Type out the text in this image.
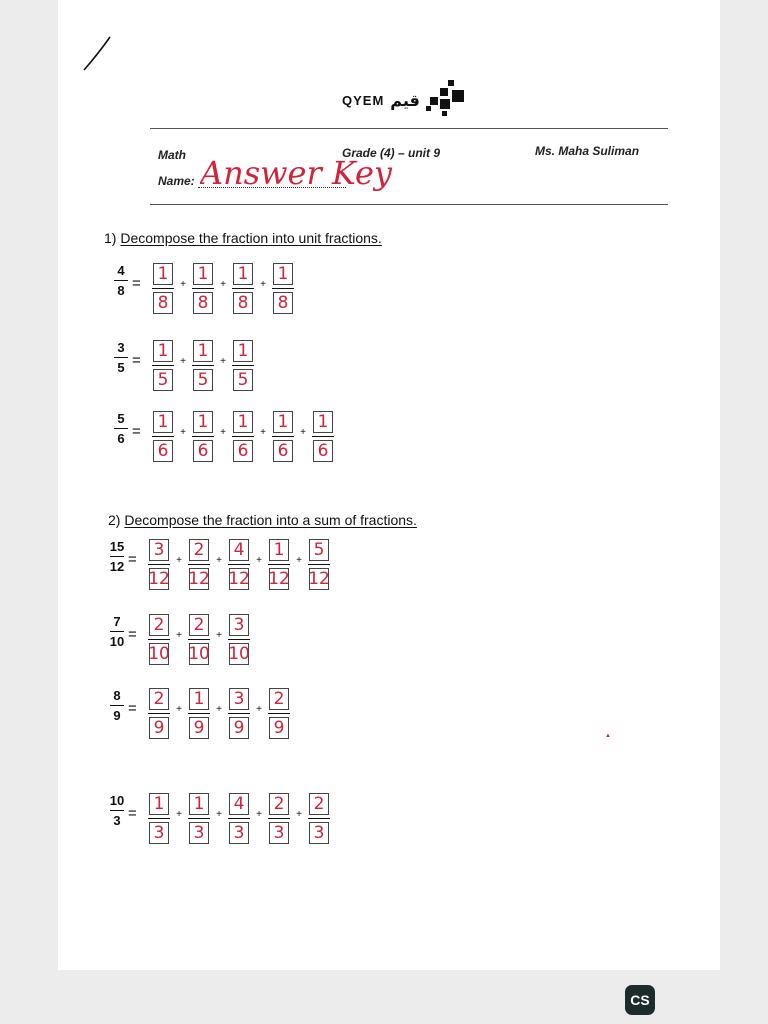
QYEM قيم
Math	Grade (4) – unit 9	Ms. Maha Suliman
Name: Answer Key
1) Decompose the fraction into unit fractions.
2) Decompose the fraction into a sum of fractions.
4
$8 = \frac{1}{8} + \frac{1}{8} + \frac{1}{8} + \frac{1}{8}$
3
$5 = \frac{1}{5} + \frac{1}{5} + \frac{1}{5}$
5
$6 = \frac{1}{6} + \frac{1}{6} + \frac{1}{6} + \frac{1}{6} + \frac{1}{6}$
15
$12 = \frac{3}{12} + \frac{2}{12} + \frac{4}{12} + \frac{1}{12} + \frac{5}{12}$
7
$10 = \frac{2}{10} + \frac{2}{10} + \frac{3}{10}$
8
$9 = \frac{2}{9} + \frac{1}{9} + \frac{3}{9} + \frac{2}{9}$
10
$3 = \frac{1}{3} + \frac{1}{3} + \frac{4}{3} + \frac{2}{3} + \frac{2}{3}$
▲
CS
